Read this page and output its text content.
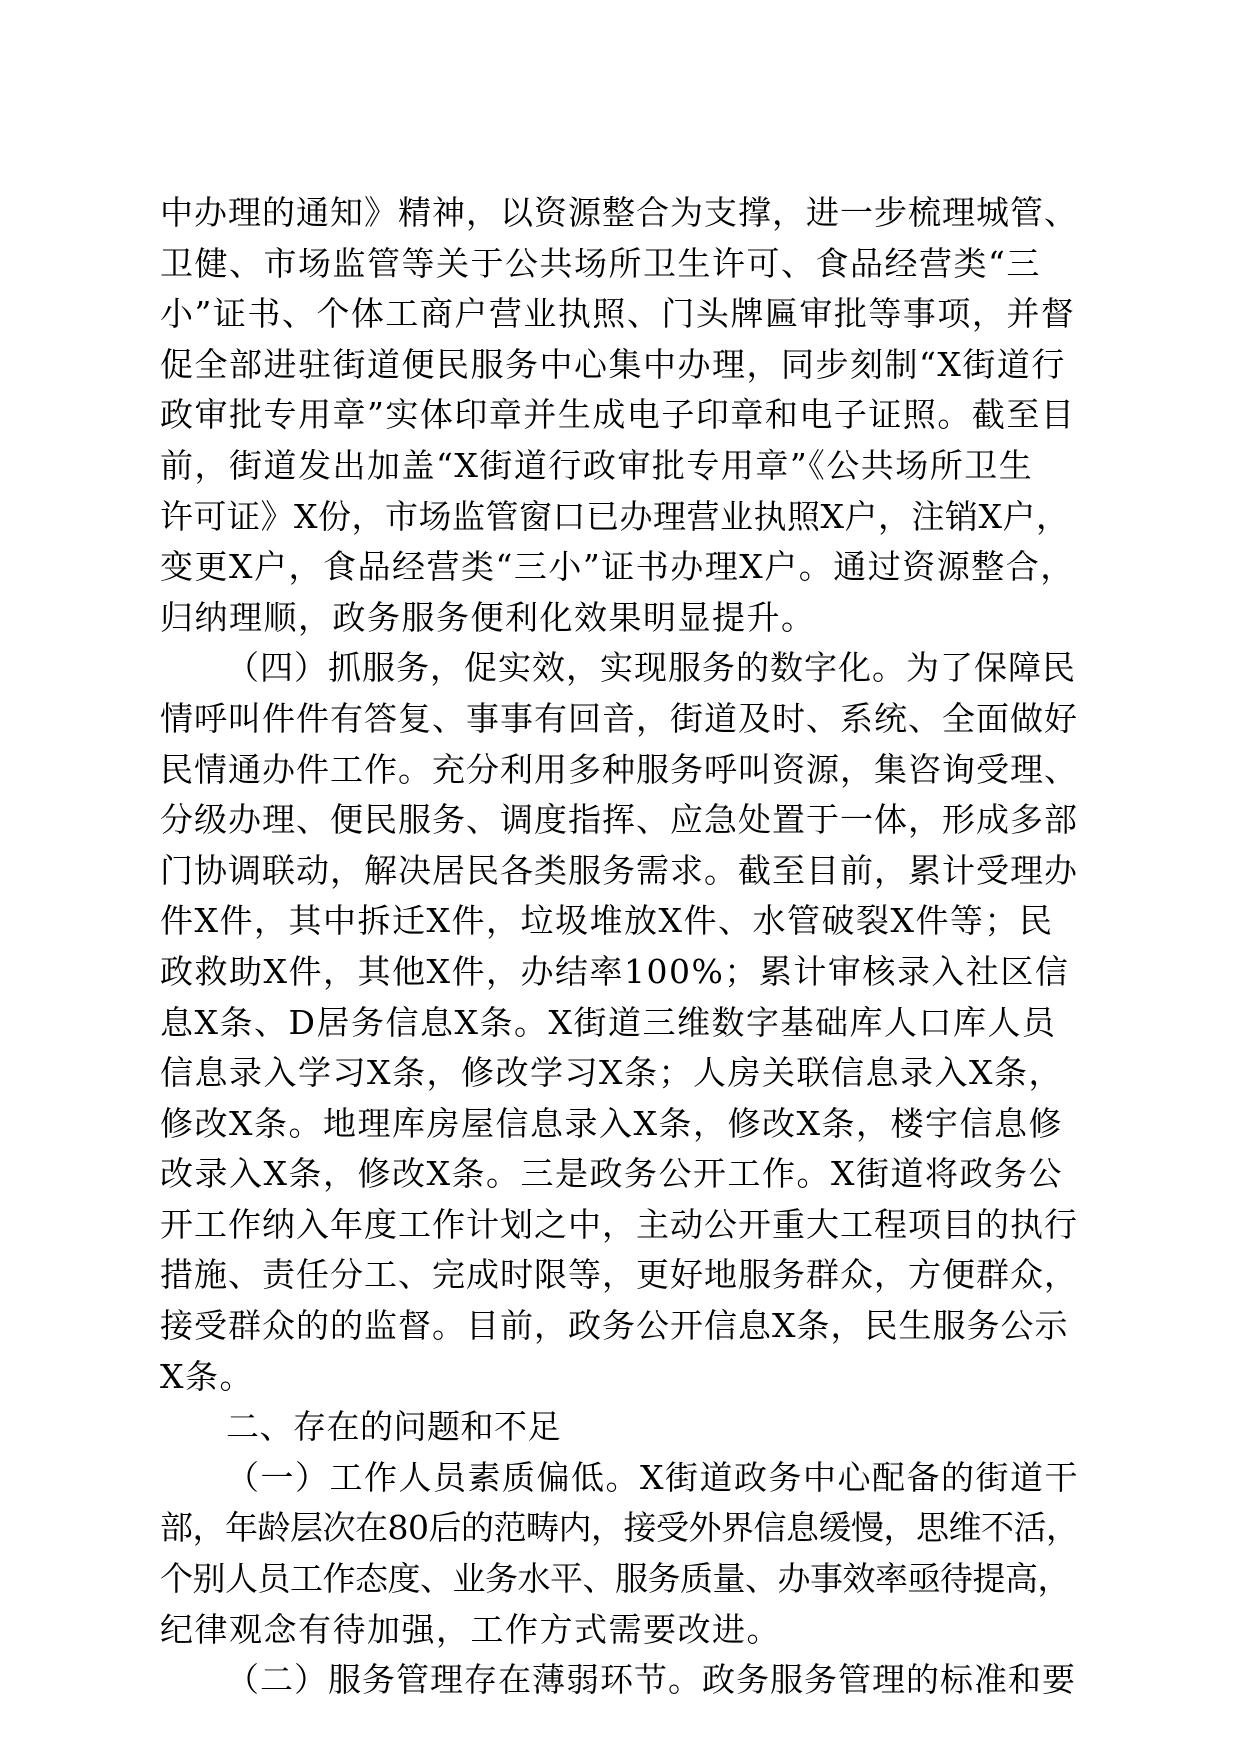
中办理的通知》精神，以资源整合为支撑，进一步梳理城管、
卫健、市场监管等关于公共场所卫生许可、食品经营类“三
小”证书、个体工商户营业执照、门头牌匾审批等事项，并督
促全部进驻街道便民服务中心集中办理，同步刻制“X街道行
政审批专用章”实体印章并生成电子印章和电子证照。截至目
前，街道发出加盖“X街道行政审批专用章”《公共场所卫生
许可证》X份，市场监管窗口已办理营业执照X户，注销X户，
变更X户，食品经营类“三小”证书办理X户。通过资源整合，
归纳理顺，政务服务便利化效果明显提升。
（四）抓服务，促实效，实现服务的数字化。为了保障民
情呼叫件件有答复、事事有回音，街道及时、系统、全面做好
民情通办件工作。充分利用多种服务呼叫资源，集咨询受理、
分级办理、便民服务、调度指挥、应急处置于一体，形成多部
门协调联动，解决居民各类服务需求。截至目前，累计受理办
件X件，其中拆迁X件，垃圾堆放X件、水管破裂X件等；民
政救助X件，其他X件，办结率100%；累计审核录入社区信
息X条、D居务信息X条。X街道三维数字基础库人口库人员
信息录入学习X条，修改学习X条；人房关联信息录入X条，
修改X条。地理库房屋信息录入X条，修改X条，楼宇信息修
改录入X条，修改X条。三是政务公开工作。X街道将政务公
开工作纳入年度工作计划之中，主动公开重大工程项目的执行
措施、责任分工、完成时限等，更好地服务群众，方便群众，
接受群众的的监督。目前，政务公开信息X条，民生服务公示
X条。
二、存在的问题和不足
（一）工作人员素质偏低。X街道政务中心配备的街道干
部，年龄层次在80后的范畴内，接受外界信息缓慢，思维不活，
个别人员工作态度、业务水平、服务质量、办事效率亟待提高，
纪律观念有待加强，工作方式需要改进。
（二）服务管理存在薄弱环节。政务服务管理的标准和要
